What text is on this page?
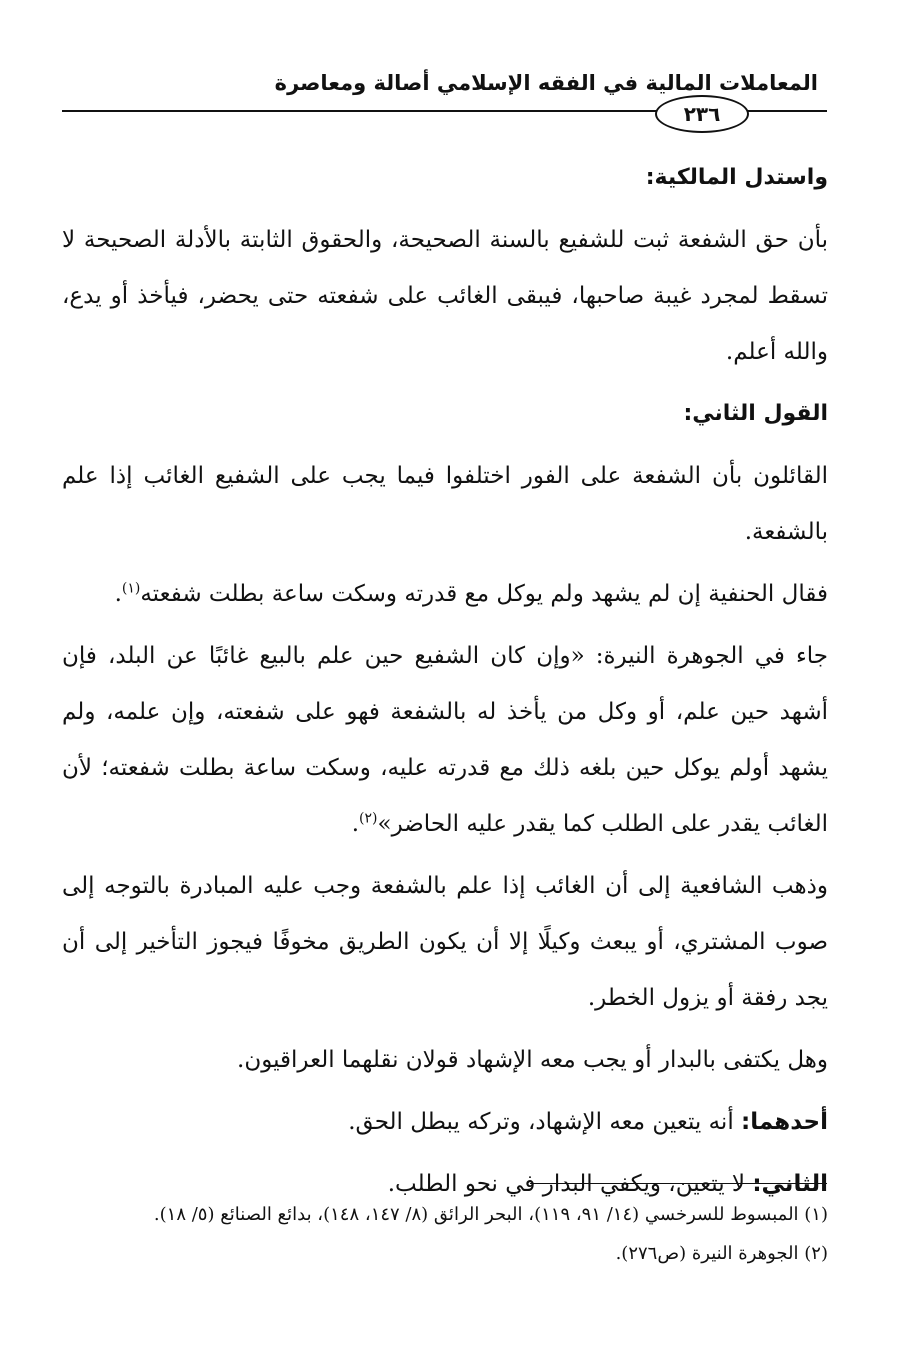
المعاملات المالية في الفقه الإسلامي أصالة ومعاصرة
٢٣٦

واستدل المالكية:

بأن حق الشفعة ثبت للشفيع بالسنة الصحيحة، والحقوق الثابتة بالأدلة الصحيحة لا تسقط لمجرد غيبة صاحبها، فيبقى الغائب على شفعته حتى يحضر، فيأخذ أو يدع، والله أعلم.

القول الثاني:

القائلون بأن الشفعة على الفور اختلفوا فيما يجب على الشفيع الغائب إذا علم بالشفعة.

فقال الحنفية إن لم يشهد ولم يوكل مع قدرته وسكت ساعة بطلت شفعته$^{(١)}$.

جاء في الجوهرة النيرة: «وإن كان الشفيع حين علم بالبيع غائبًا عن البلد، فإن أشهد حين علم، أو وكل من يأخذ له بالشفعة فهو على شفعته، وإن علمه، ولم يشهد أولم يوكل حين بلغه ذلك مع قدرته عليه، وسكت ساعة بطلت شفعته؛ لأن الغائب يقدر على الطلب كما يقدر عليه الحاضر»$^{(٢)}$.

وذهب الشافعية إلى أن الغائب إذا علم بالشفعة وجب عليه المبادرة بالتوجه إلى صوب المشتري، أو يبعث وكيلًا إلا أن يكون الطريق مخوفًا فيجوز التأخير إلى أن يجد رفقة أو يزول الخطر.

وهل يكتفى بالبدار أو يجب معه الإشهاد قولان نقلهما العراقيون.

أحدهما: أنه يتعين معه الإشهاد، وتركه يبطل الحق.

الثاني: لا يتعين، ويكفي البدار في نحو الطلب.

(١) المبسوط للسرخسي (١٤/ ٩١، ١١٩)، البحر الرائق (٨/ ١٤٧، ١٤٨)، بدائع الصنائع (٥/ ١٨).

(٢) الجوهرة النيرة (ص٢٧٦).
